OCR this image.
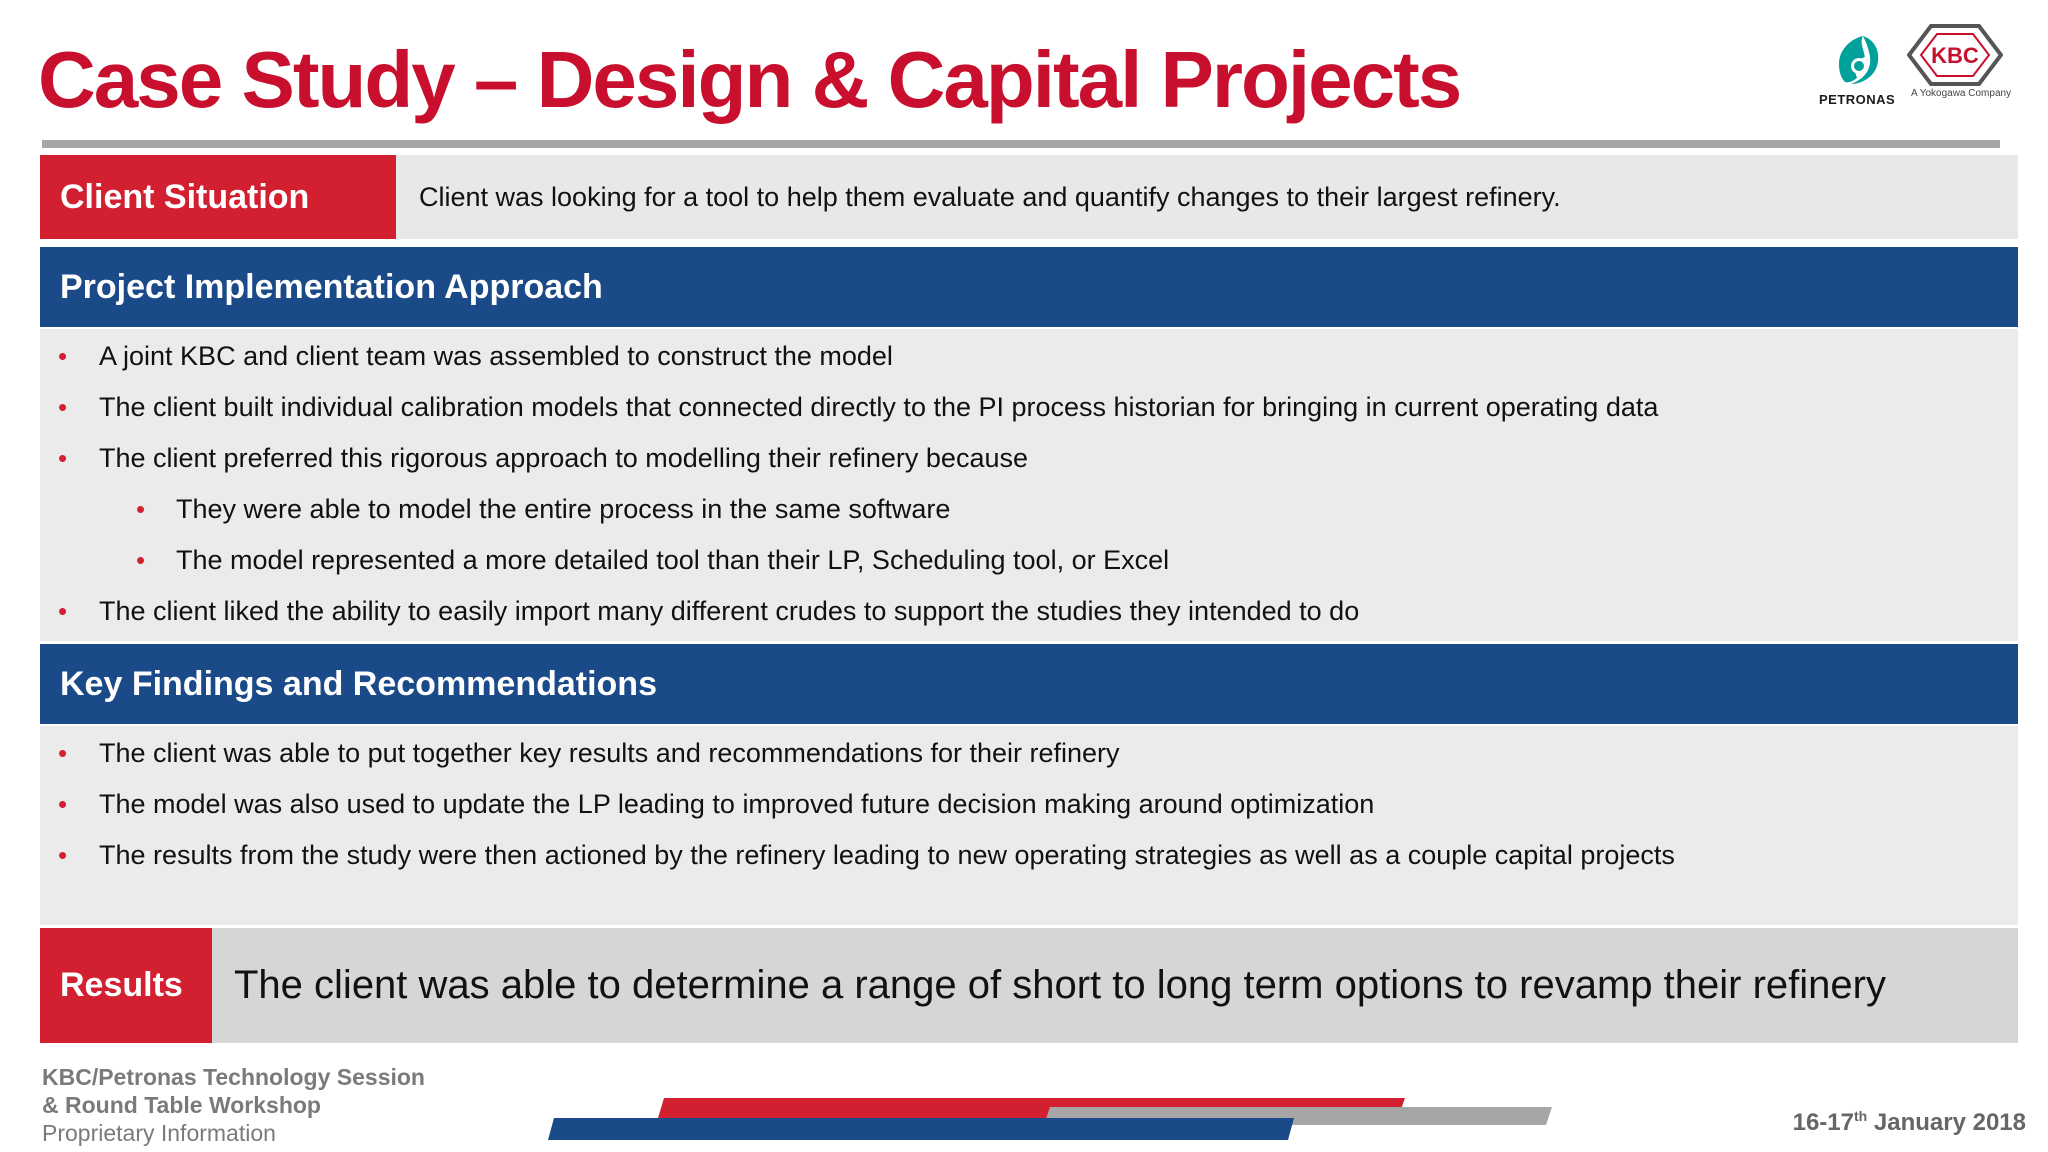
Case Study – Design & Capital Projects	PETRONAS
KBC
A Yokogawa Company
Client Situation	Client was looking for a tool to help them evaluate and quantify changes to their largest refinery.
Project Implementation Approach
• A joint KBC and client team was assembled to construct the model
• The client built individual calibration models that connected directly to the PI process historian for bringing in current operating data
• The client preferred this rigorous approach to modelling their refinery because
• They were able to model the entire process in the same software
• The model represented a more detailed tool than their LP, Scheduling tool, or Excel
• The client liked the ability to easily import many different crudes to support the studies they intended to do
Key Findings and Recommendations
• The client was able to put together key results and recommendations for their refinery
• The model was also used to update the LP leading to improved future decision making around optimization
• The results from the study were then actioned by the refinery leading to new operating strategies as well as a couple capital projects
Results	The client was able to determine a range of short to long term options to revamp their refinery
KBC/Petronas Technology Session
& Round Table Workshop
Proprietary Information	16-17th January 2018
